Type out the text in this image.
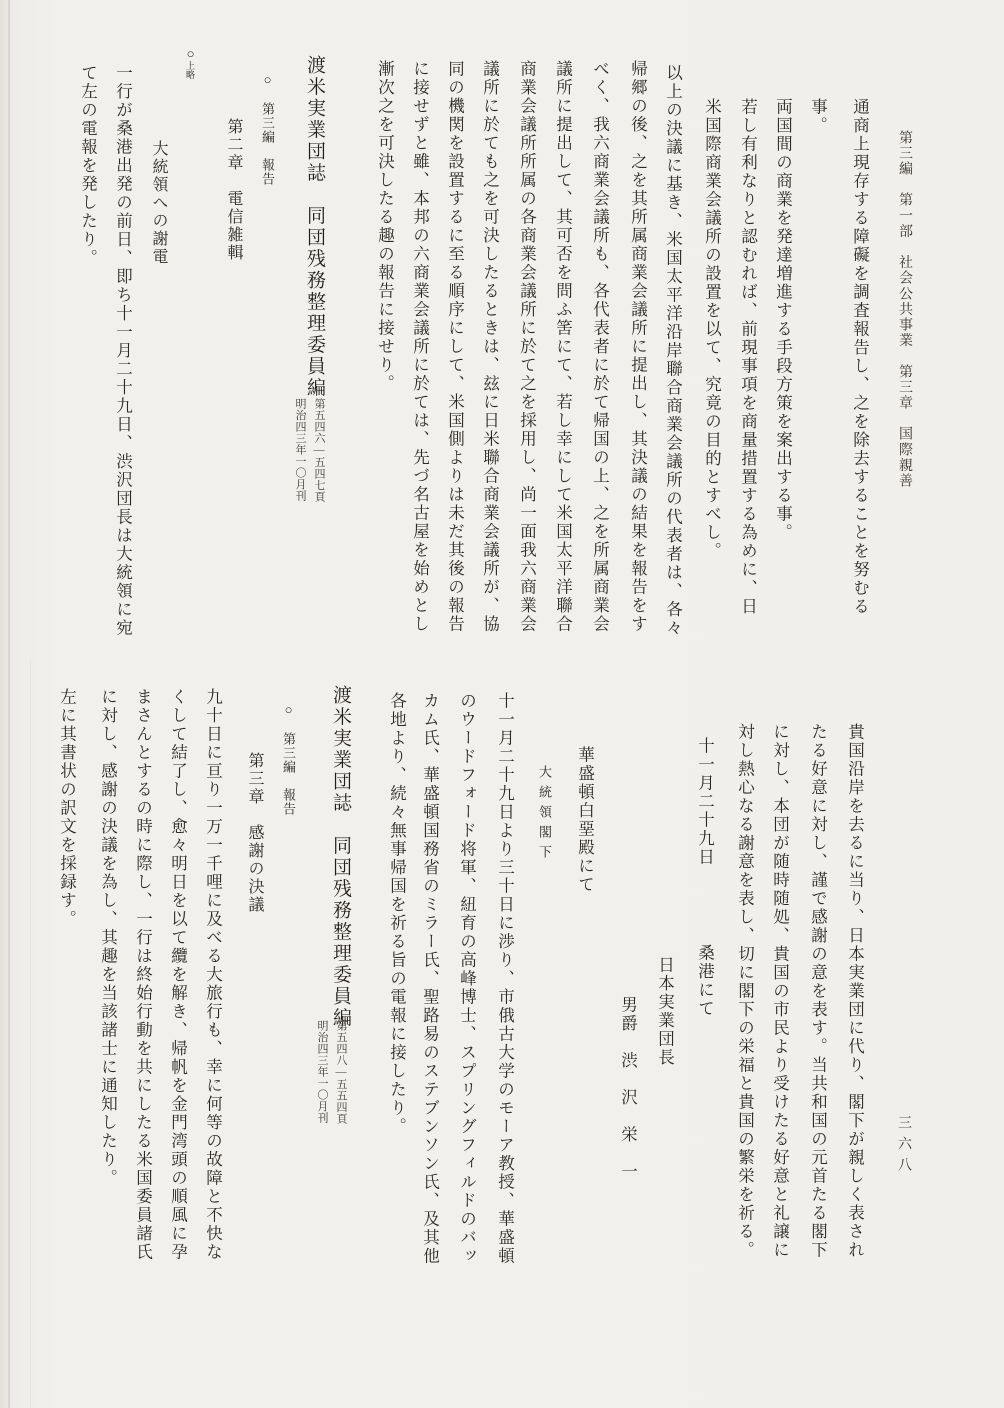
第三編　第一部　社会公共事業　第三章　国際親善
通商上現存する障礙を調査報告し、之を除去することを努むる
事。
両国間の商業を発達増進する手段方策を案出する事。
若し有利なりと認むれば、前現事項を商量措置する為めに、日
米国際商業会議所の設置を以て、究竟の目的とすべし。
以上の決議に基き、米国太平洋沿岸聯合商業会議所の代表者は、各々
帰郷の後、之を其所属商業会議所に提出し、其決議の結果を報告をす
べく、我六商業会議所も、各代表者に於て帰国の上、之を所属商業会
議所に提出して、其可否を問ふ筈にて、若し幸にして米国太平洋聯合
商業会議所所属の各商業会議所に於て之を採用し、尚一面我六商業会
議所に於ても之を可決したるときは、玆に日米聯合商業会議所が、協
同の機関を設置するに至る順序にして、米国側よりは未だ其後の報告
に接せずと雖、本邦の六商業会議所に於ては、先づ名古屋を始めとし
漸次之を可決したる趣の報告に接せり。
渡米実業団誌　同団残務整理委員編
第五四六―五四七頁
明治四三年一〇月刊
○　第三編　報告
第二章　電信雑輯
○上略
大統領への謝電
一行が桑港出発の前日、即ち十一月二十九日、渋沢団長は大統領に宛
て左の電報を発したり。
三六八
貴国沿岸を去るに当り、日本実業団に代り、閣下が親しく表され
たる好意に対し、謹で感謝の意を表す。当共和国の元首たる閣下
に対し、本団が随時随処、貴国の市民より受けたる好意と礼譲に
対し熱心なる謝意を表し、切に閣下の栄福と貴国の繁栄を祈る。
十一月二十九日
桑港にて
日本実業団長
男爵　渋　沢　栄　一
華盛頓白堊殿にて
大統領閣下
十一月二十九日より三十日に渉り、市俄古大学のモーア教授、華盛頓
のウードフォード将軍、紐育の高峰博士、スプリングフィルドのバッ
カム氏、華盛頓国務省のミラー氏、聖路易のステブンソン氏、及其他
各地より、続々無事帰国を祈る旨の電報に接したり。
渡米実業団誌　同団残務整理委員編
第五四八―五五四頁
明治四三年一〇月刊
○　第三編　報告
第三章　感謝の決議
九十日に亘り一万一千哩に及べる大旅行も、幸に何等の故障と不快な
くして結了し、愈々明日を以て纜を解き、帰帆を金門湾頭の順風に孕
まさんとするの時に際し、一行は終始行動を共にしたる米国委員諸氏
に対し、感謝の決議を為し、其趣を当該諸士に通知したり。
左に其書状の訳文を採録す。
